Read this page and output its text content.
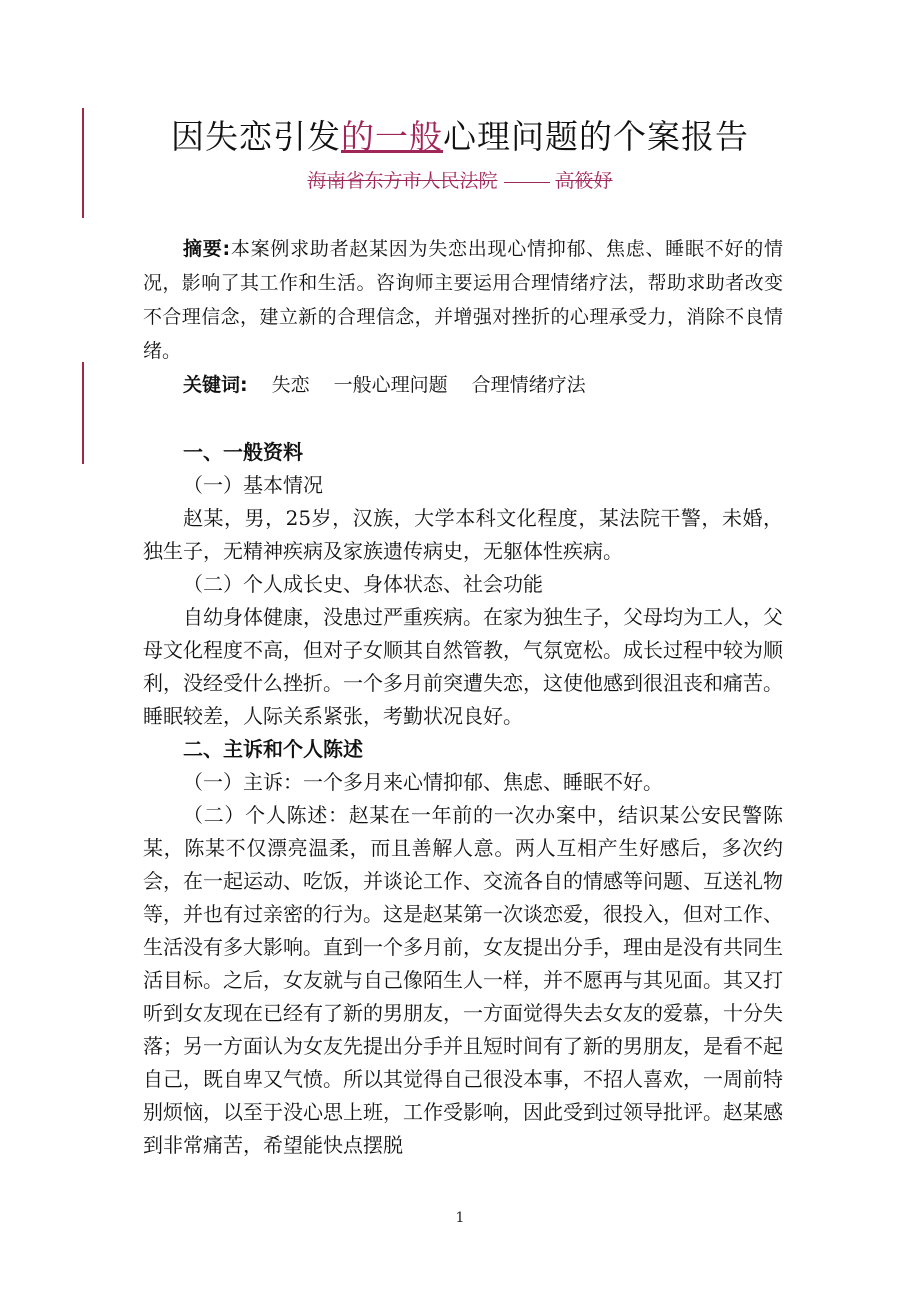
因失恋引发的一般心理问题的个案报告
海南省东方市人民法院	高筱妤
摘要:本案例求助者赵某因为失恋出现心情抑郁、焦虑、睡眠不好的情况，影响了其工作和生活。咨询师主要运用合理情绪疗法，帮助求助者改变不合理信念，建立新的合理信念，并增强对挫折的心理承受力，消除不良情绪。
关键词: 失恋 一般心理问题 合理情绪疗法

一、一般资料

（一）基本情况

赵某，男，25岁，汉族，大学本科文化程度，某法院干警，未婚，独生子，无精神疾病及家族遗传病史，无躯体性疾病。

（二）个人成长史、身体状态、社会功能

自幼身体健康，没患过严重疾病。在家为独生子，父母均为工人，父母文化程度不高，但对子女顺其自然管教，气氛宽松。成长过程中较为顺利，没经受什么挫折。一个多月前突遭失恋，这使他感到很沮丧和痛苦。睡眠较差，人际关系紧张，考勤状况良好。

二、主诉和个人陈述

（一）主诉：一个多月来心情抑郁、焦虑、睡眠不好。

（二）个人陈述：赵某在一年前的一次办案中，结识某公安民警陈某，陈某不仅漂亮温柔，而且善解人意。两人互相产生好感后，多次约会，在一起运动、吃饭，并谈论工作、交流各自的情感等问题、互送礼物等，并也有过亲密的行为。这是赵某第一次谈恋爱，很投入，但对工作、生活没有多大影响。直到一个多月前，女友提出分手，理由是没有共同生活目标。之后，女友就与自己像陌生人一样，并不愿再与其见面。其又打听到女友现在已经有了新的男朋友，一方面觉得失去女友的爱慕，十分失落；另一方面认为女友先提出分手并且短时间有了新的男朋友，是看不起自己，既自卑又气愤。所以其觉得自己很没本事，不招人喜欢，一周前特别烦恼，以至于没心思上班，工作受影响，因此受到过领导批评。赵某感到非常痛苦，希望能快点摆脱

1
